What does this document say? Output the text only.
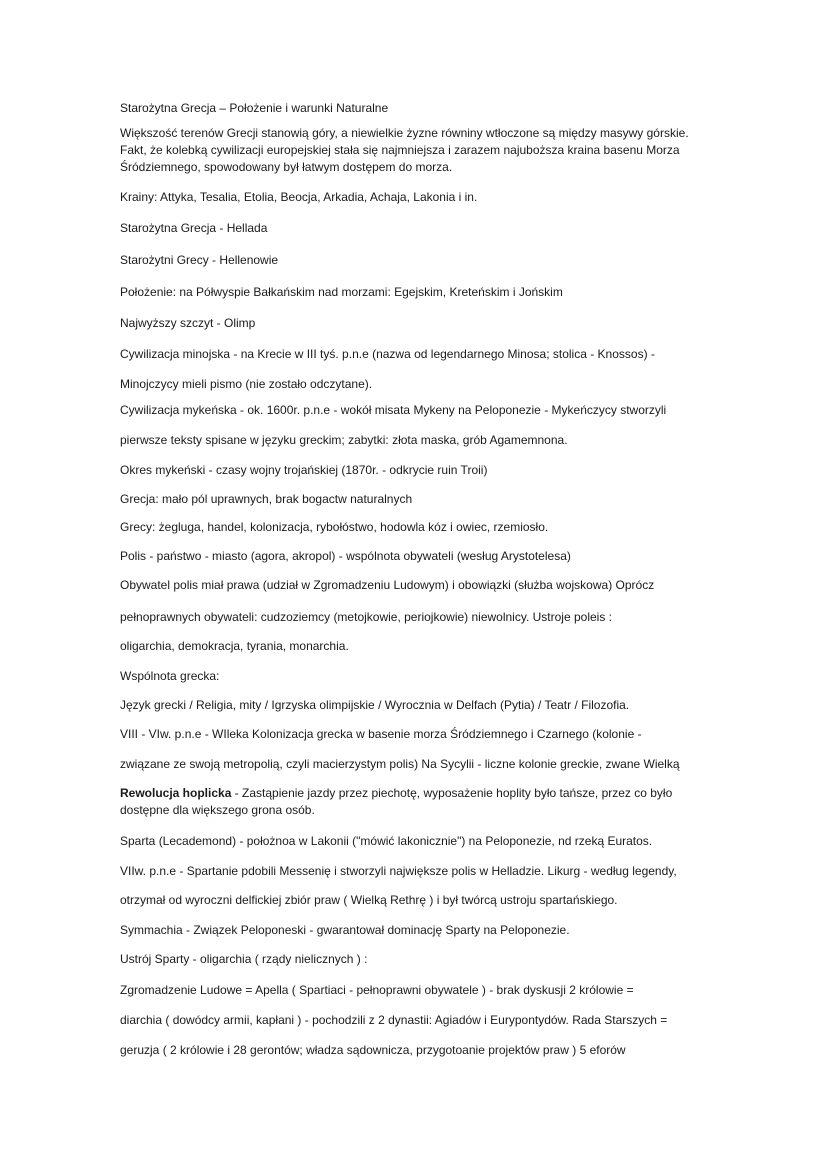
Starożytna Grecja – Położenie i warunki Naturalne
Większość terenów Grecji stanowią góry, a niewielkie żyzne równiny wtłoczone są między masywy górskie.
Fakt, że kolebką cywilizacji europejskiej stała się najmniejsza i zarazem najuboższa kraina basenu Morza
Śródziemnego, spowodowany był łatwym dostępem do morza.
Krainy: Attyka, Tesalia, Etolia, Beocja, Arkadia, Achaja, Lakonia i in.
Starożytna Grecja - Hellada
Starożytni Grecy - Hellenowie
Położenie: na Półwyspie Bałkańskim nad morzami: Egejskim, Kreteńskim i Jońskim
Najwyższy szczyt - Olimp
Cywilizacja minojska - na Krecie w III tyś. p.n.e (nazwa od legendarnego Minosa; stolica - Knossos) -
Minojczycy mieli pismo (nie zostało odczytane).
Cywilizacja mykeńska - ok. 1600r. p.n.e - wokół misata Mykeny na Peloponezie - Mykeńczycy stworzyli
pierwsze teksty spisane w języku greckim; zabytki: złota maska, grób Agamemnona.
Okres mykeński - czasy wojny trojańskiej (1870r. - odkrycie ruin Troii)
Grecja: mało pól uprawnych, brak bogactw naturalnych
Grecy: żegluga, handel, kolonizacja, rybołóstwo, hodowla kóz i owiec, rzemiosło.
Polis - państwo - miasto (agora, akropol) - wspólnota obywateli (wesług Arystotelesa)
Obywatel polis miał prawa (udział w Zgromadzeniu Ludowym) i obowiązki (służba wojskowa) Oprócz
pełnoprawnych obywateli: cudzoziemcy (metojkowie, periojkowie) niewolnicy. Ustroje poleis :
oligarchia, demokracja, tyrania, monarchia.
Wspólnota grecka:
Język grecki / Religia, mity / Igrzyska olimpijskie / Wyrocznia w Delfach (Pytia) / Teatr / Filozofia.
VIII - VIw. p.n.e - WIleka Kolonizacja grecka w basenie morza Śródziemnego i Czarnego (kolonie -
związane ze swoją metropolią, czyli macierzystym polis) Na Sycylii - liczne kolonie greckie, zwane Wielką
Rewolucja hoplicka - Zastąpienie jazdy przez piechotę, wyposażenie hoplity było tańsze, przez co było
dostępne dla większego grona osób.
Sparta (Lecademond) - położnoa w Lakonii ("mówić lakonicznie") na Peloponezie, nd rzeką Euratos.
VIIw. p.n.e - Spartanie pdobili Messenię i stworzyli największe polis w Helladzie. Likurg - według legendy,
otrzymał od wyroczni delfickiej zbiór praw ( Wielką Rethrę ) i był twórcą ustroju spartańskiego.
Symmachia - Związek Peloponeski - gwarantował dominację Sparty na Peloponezie.
Ustrój Sparty - oligarchia ( rządy nielicznych ) :
Zgromadzenie Ludowe = Apella ( Spartiaci - pełnoprawni obywatele ) - brak dyskusji 2 królowie =
diarchia ( dowódcy armii, kapłani ) - pochodzili z 2 dynastii: Agiadów i Eurypontydów. Rada Starszych =
geruzja ( 2 królowie i 28 gerontów; władza sądownicza, przygotoanie projektów praw ) 5 eforów
